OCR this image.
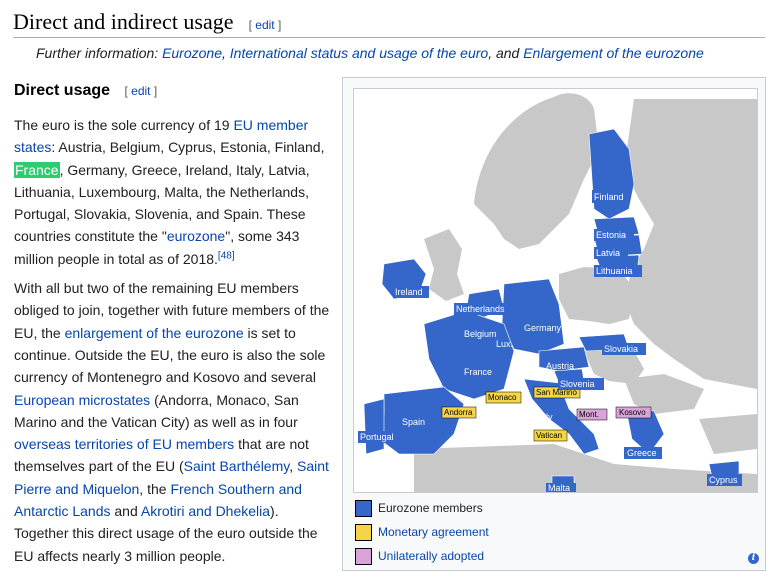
Direct and indirect usage [ edit ]
Further information: Eurozone, International status and usage of the euro, and Enlargement of the eurozone
Direct usage [ edit ]

The euro is the sole currency of 19 EU member states: Austria, Belgium, Cyprus, Estonia, Finland, France, Germany, Greece, Ireland, Italy, Latvia, Lithuania, Luxembourg, Malta, the Netherlands, Portugal, Slovakia, Slovenia, and Spain. These countries constitute the "eurozone", some 343 million people in total as of 2018.[48]

With all but two of the remaining EU members obliged to join, together with future members of the EU, the enlargement of the eurozone is set to continue. Outside the EU, the euro is also the sole currency of Montenegro and Kosovo and several European microstates (Andorra, Monaco, San Marino and the Vatican City) as well as in four overseas territories of EU members that are not themselves part of the EU (Saint Barthélemy, Saint Pierre and Miquelon, the French Southern and Antarctic Lands and Akrotiri and Dhekelia). Together this direct usage of the euro outside the EU affects nearly 3 million people.

Finland
Estonia
Latvia
Lithuania
Ireland
Netherlands
Belgium
Lux.
Germany
France
Austria
Slovakia
Slovenia
Monaco
San Marino
Andorra	Italy
Vatican
Mont. Kosovo
Portugal
Spain
Greece
Malta
Cyprus
Eurozone members
Monetary agreement
Unilaterally adopted	i
